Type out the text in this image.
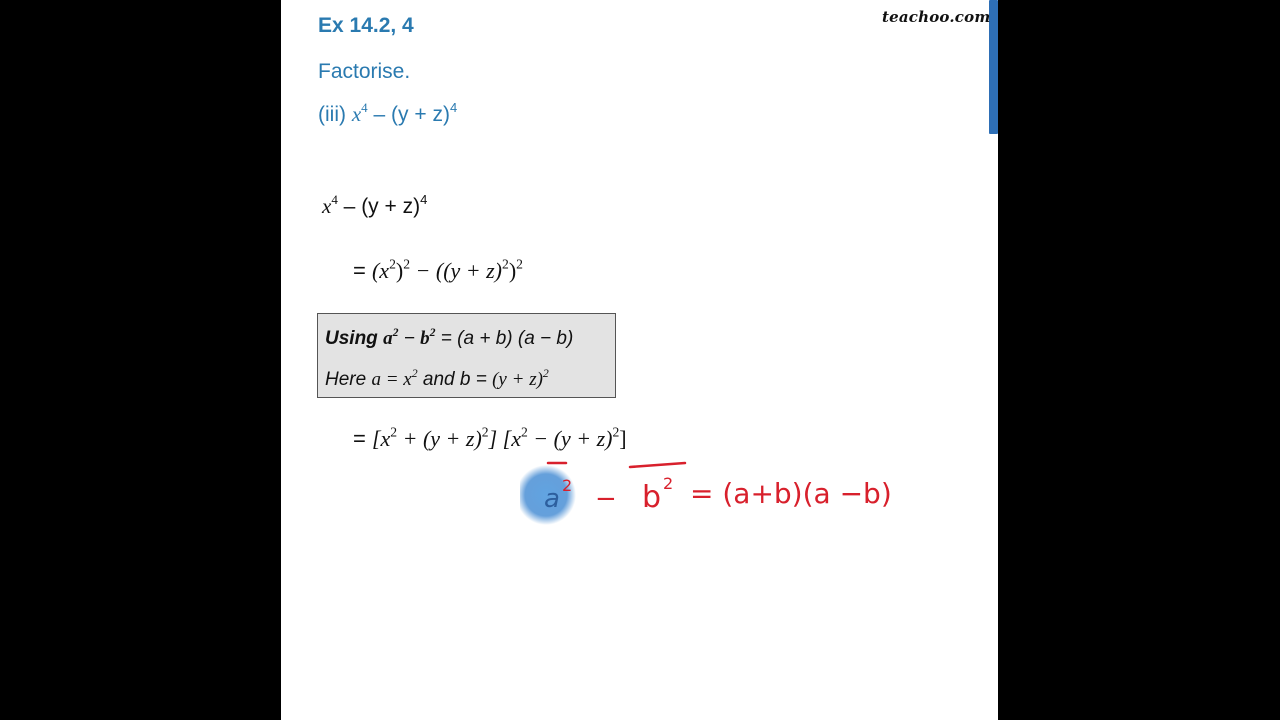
teachoo.com
Ex 14.2, 4
Factorise.
(iii) $x^4 - (y + z)^4$
$x^4 - (y + z)^4$
= $(x^2)^2 - ((y + z)^2)^2$
Using $a^2 - b^2 = (a + b) (a - b)$
Here $a = x^2$ and $b = (y + z)^2$
= $[x^2 + (y + z)^2] [x^2 - (y + z)^2]$
a 2 − b 2 = (a+b)(a −b)
